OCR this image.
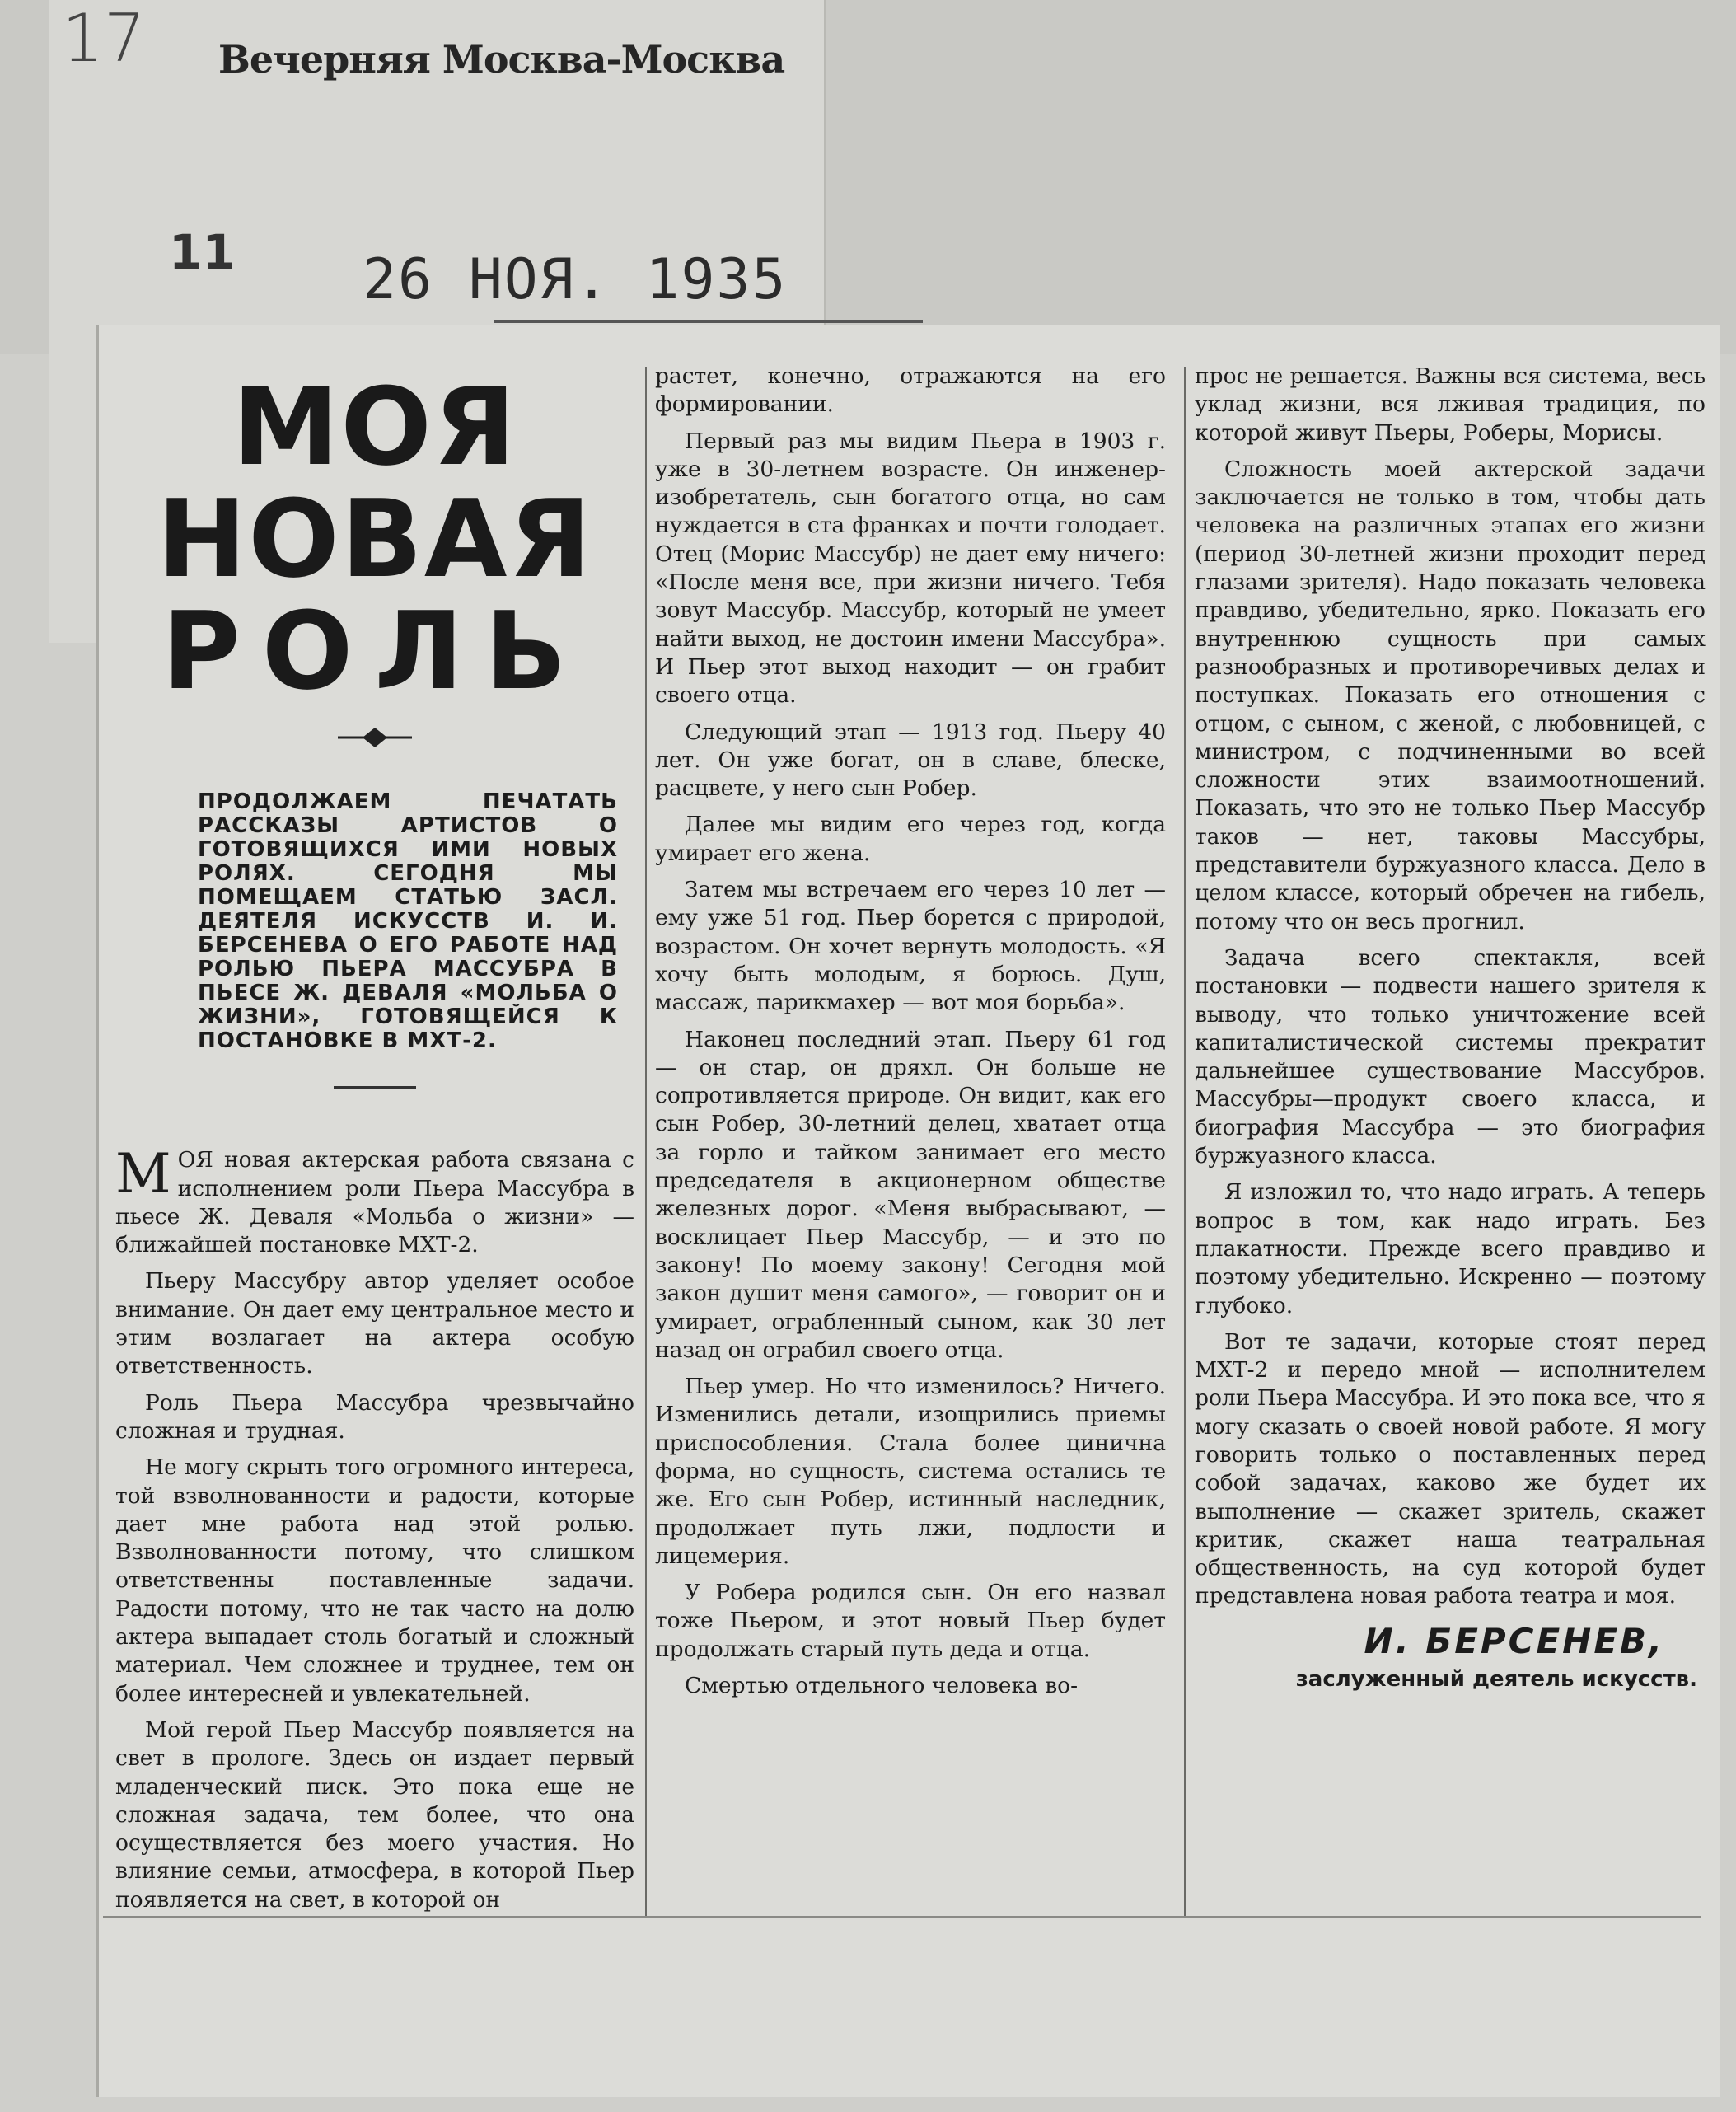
17 Вечерняя Москва-Москва
11 26 НОЯ. 1935
МОЯ
НОВАЯ
РОЛЬ
ПРОДОЛЖАЕМ ПЕЧАТАТЬ РАССКАЗЫ АРТИСТОВ О ГОТОВЯЩИХСЯ ИМИ НОВЫХ РОЛЯХ. СЕГОДНЯ МЫ ПОМЕЩАЕМ СТАТЬЮ ЗАСЛ. ДЕЯТЕЛЯ ИСКУССТВ И. И. БЕРСЕНЕВА О ЕГО РАБОТЕ НАД РОЛЬЮ ПЬЕРА МАССУБРА В ПЬЕСЕ Ж. ДЕВАЛЯ «МОЛЬБА О ЖИЗНИ», ГОТОВЯЩЕЙСЯ К ПОСТАНОВКЕ В МХТ-2.

МОЯ новая актерская работа связана с исполнением роли Пьера Массубра в пьесе Ж. Деваля «Мольба о жизни» — ближайшей постановке МХТ-2.

Пьеру Массубру автор уделяет особое внимание. Он дает ему центральное место и этим возлагает на актера особую ответственность.

Роль Пьера Массубра чрезвычайно сложная и трудная.

Не могу скрыть того огромного интереса, той взволнованности и радости, которые дает мне работа над этой ролью. Взволнованности потому, что слишком ответственны поставленные задачи. Радости потому, что не так часто на долю актера выпадает столь богатый и сложный материал. Чем сложнее и труднее, тем он более интересней и увлекательней.

Мой герой Пьер Массубр появляется на свет в прологе. Здесь он издает первый младенческий писк. Это пока еще не сложная задача, тем более, что она осуществляется без моего участия. Но влияние семьи, атмосфера, в которой Пьер появляется на свет, в которой он

растет, конечно, отражаются на его формировании.

Первый раз мы видим Пьера в 1903 г. уже в 30-летнем возрасте. Он инженер-изобретатель, сын богатого отца, но сам нуждается в ста франках и почти голодает. Отец (Морис Массубр) не дает ему ничего: «После меня все, при жизни ничего. Тебя зовут Массубр. Массубр, который не умеет найти выход, не достоин имени Массубра». И Пьер этот выход находит — он грабит своего отца.

Следующий этап — 1913 год. Пьеру 40 лет. Он уже богат, он в славе, блеске, расцвете, у него сын Робер.

Далее мы видим его через год, когда умирает его жена.

Затем мы встречаем его через 10 лет — ему уже 51 год. Пьер борется с природой, возрастом. Он хочет вернуть молодость. «Я хочу быть молодым, я борюсь. Душ, массаж, парикмахер — вот моя борьба».

Наконец последний этап. Пьеру 61 год — он стар, он дряхл. Он больше не сопротивляется природе. Он видит, как его сын Робер, 30-летний делец, хватает отца за горло и тайком занимает его место председателя в акционерном обществе железных дорог. «Меня выбрасывают, — восклицает Пьер Массубр, — и это по закону! По моему закону! Сегодня мой закон душит меня самого», — говорит он и умирает, ограбленный сыном, как 30 лет назад он ограбил своего отца.

Пьер умер. Но что изменилось? Ничего. Изменились детали, изощрились приемы приспособления. Стала более цинична форма, но сущность, система остались те же. Его сын Робер, истинный наследник, продолжает путь лжи, подлости и лицемерия.

У Робера родился сын. Он его назвал тоже Пьером, и этот новый Пьер будет продолжать старый путь деда и отца.

Смертью отдельного человека во-

прос не решается. Важны вся система, весь уклад жизни, вся лживая традиция, по которой живут Пьеры, Роберы, Морисы.

Сложность моей актерской задачи заключается не только в том, чтобы дать человека на различных этапах его жизни (период 30-летней жизни проходит перед глазами зрителя). Надо показать человека правдиво, убедительно, ярко. Показать его внутреннюю сущность при самых разнообразных и противоречивых делах и поступках. Показать его отношения с отцом, с сыном, с женой, с любовницей, с министром, с подчиненными во всей сложности этих взаимоотношений. Показать, что это не только Пьер Массубр таков — нет, таковы Массубры, представители буржуазного класса. Дело в целом классе, который обречен на гибель, потому что он весь прогнил.

Задача всего спектакля, всей постановки — подвести нашего зрителя к выводу, что только уничтожение всей капиталистической системы прекратит дальнейшее существование Массубров. Массубры—продукт своего класса, и биография Массубра — это биография буржуазного класса.

Я изложил то, что надо играть. А теперь вопрос в том, как надо играть. Без плакатности. Прежде всего правдиво и поэтому убедительно. Искренно — поэтому глубоко.

Вот те задачи, которые стоят перед МХТ-2 и передо мной — исполнителем роли Пьера Массубра. И это пока все, что я могу сказать о своей новой работе. Я могу говорить только о поставленных перед собой задачах, каково же будет их выполнение — скажет зритель, скажет критик, скажет наша театральная общественность, на суд которой будет представлена новая работа театра и моя.

И. БЕРСЕНЕВ,
заслуженный деятель искусств.
